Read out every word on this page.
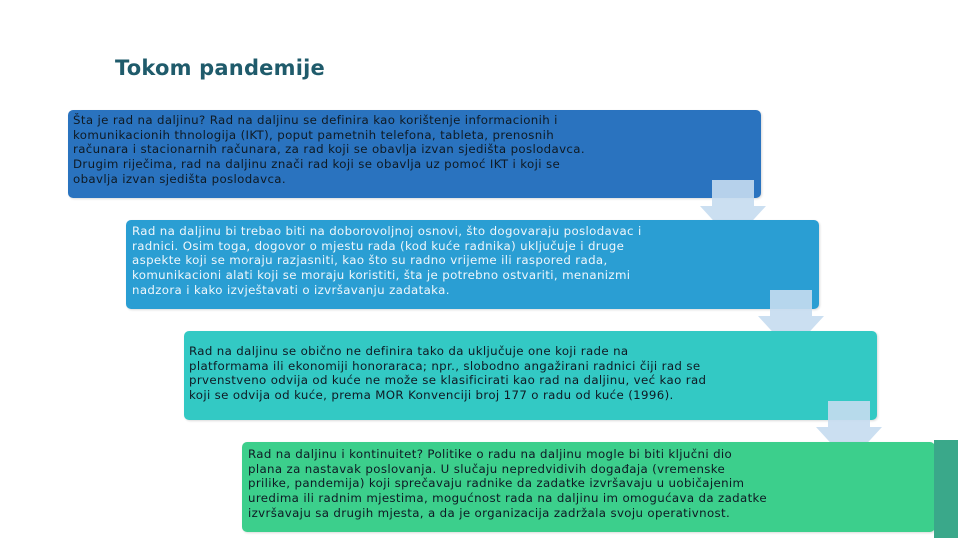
Tokom pandemije

Šta je rad na daljinu? Rad na daljinu se definira kao korištenje informacionih i
komunikacionih thnologija (IKT), poput pametnih telefona, tableta, prenosnih
računara i stacionarnih računara, za rad koji se obavlja izvan sjedišta poslodavca.
Drugim riječima, rad na daljinu znači rad koji se obavlja uz pomoć IKT i koji se
obavlja izvan sjedišta poslodavca.

Rad na daljinu bi trebao biti na doborovoljnoj osnovi, što dogovaraju poslodavac i
radnici. Osim toga, dogovor o mjestu rada (kod kuće radnika) uključuje i druge
aspekte koji se moraju razjasniti, kao što su radno vrijeme ili raspored rada,
komunikacioni alati koji se moraju koristiti, šta je potrebno ostvariti, menanizmi
nadzora i kako izvještavati o izvršavanju zadataka.

Rad na daljinu se obično ne definira tako da uključuje one koji rade na
platformama ili ekonomiji honoraraca; npr., slobodno angažirani radnici čiji rad se
prvenstveno odvija od kuće ne može se klasificirati kao rad na daljinu, već kao rad
koji se odvija od kuće, prema MOR Konvenciji broj 177 o radu od kuće (1996).

Rad na daljinu i kontinuitet? Politike o radu na daljinu mogle bi biti ključni dio
plana za nastavak poslovanja. U slučaju nepredvidivih događaja (vremenske
prilike, pandemija) koji sprečavaju radnike da zadatke izvršavaju u uobičajenim
uredima ili radnim mjestima, mogućnost rada na daljinu im omogućava da zadatke
izvršavaju sa drugih mjesta, a da je organizacija zadržala svoju operativnost.
